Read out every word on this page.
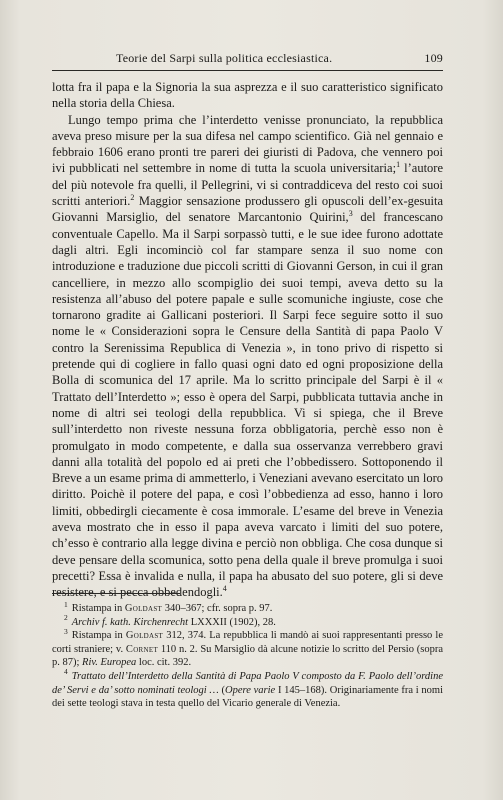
Teorie del Sarpi sulla politica ecclesiastica.	109

lotta fra il papa e la Signoria la sua asprezza e il suo caratteristico significato nella storia della Chiesa.

Lungo tempo prima che l’interdetto venisse pronunciato, la repubblica aveva preso misure per la sua difesa nel campo scientifico. Già nel gennaio e febbraio 1606 erano pronti tre pareri dei giuristi di Padova, che vennero poi ivi pubblicati nel settembre in nome di tutta la scuola universitaria;$^1$ l’autore del più notevole fra quelli, il Pellegrini, vi si contraddiceva del resto coi suoi scritti anteriori.$^2$ Maggior sensazione produssero gli opuscoli dell’ex-gesuita Giovanni Marsiglio, del senatore Marcantonio Quirini,$^3$ del francescano conventuale Capello. Ma il Sarpi sorpassò tutti, e le sue idee furono adottate dagli altri. Egli incominciò col far stampare senza il suo nome con introduzione e traduzione due piccoli scritti di Giovanni Gerson, in cui il gran cancelliere, in mezzo allo scompiglio dei suoi tempi, aveva detto su la resistenza all’abuso del potere papale e sulle scomuniche ingiuste, cose che tornarono gradite ai Gallicani posteriori. Il Sarpi fece seguire sotto il suo nome le « Considerazioni sopra le Censure della Santità di papa Paolo V contro la Serenissima Republica di Venezia », in tono privo di rispetto si pretende qui di cogliere in fallo quasi ogni dato ed ogni proposizione della Bolla di scomunica del 17 aprile. Ma lo scritto principale del Sarpi è il « Trattato dell’Interdetto »; esso è opera del Sarpi, pubblicata tuttavia anche in nome di altri sei teologi della repubblica. Vi si spiega, che il Breve sull’interdetto non riveste nessuna forza obbligatoria, perchè esso non è promulgato in modo competente, e dalla sua osservanza verrebbero gravi danni alla totalità del popolo ed ai preti che l’obbedissero. Sottoponendo il Breve a un esame prima di ammetterlo, i Veneziani avevano esercitato un loro diritto. Poichè il potere del papa, e così l’obbedienza ad esso, hanno i loro limiti, obbedirgli ciecamente è cosa immorale. L’esame del breve in Venezia aveva mostrato che in esso il papa aveva varcato i limiti del suo potere, ch’esso è contrario alla legge divina e perciò non obbliga. Che cosa dunque si deve pensare della scomunica, sotto pena della quale il breve promulga i suoi precetti? Essa è invalida e nulla, il papa ha abusato del suo potere, gli si deve resistere, e si pecca obbedendogli.$^4$

$^1$ Ristampa in Goldast 340–367; cfr. sopra p. 97.

$^2$ Archiv f. kath. Kirchenrecht LXXXII (1902), 28.

$^3$ Ristampa in Goldast 312, 374. La repubblica li mandò ai suoi rappresentanti presso le corti straniere; v. Cornet 110 n. 2. Su Marsiglio dà alcune notizie lo scritto del Persio (sopra p. 87); Riv. Europea loc. cit. 392.

$^4$ Trattato dell’Interdetto della Santità di Papa Paolo V composto da F. Paolo dell’ordine de’ Servi e da’ sotto nominati teologi … (Opere varie I 145–168). Originariamente fra i nomi dei sette teologi stava in testa quello del Vicario generale di Venezia.
